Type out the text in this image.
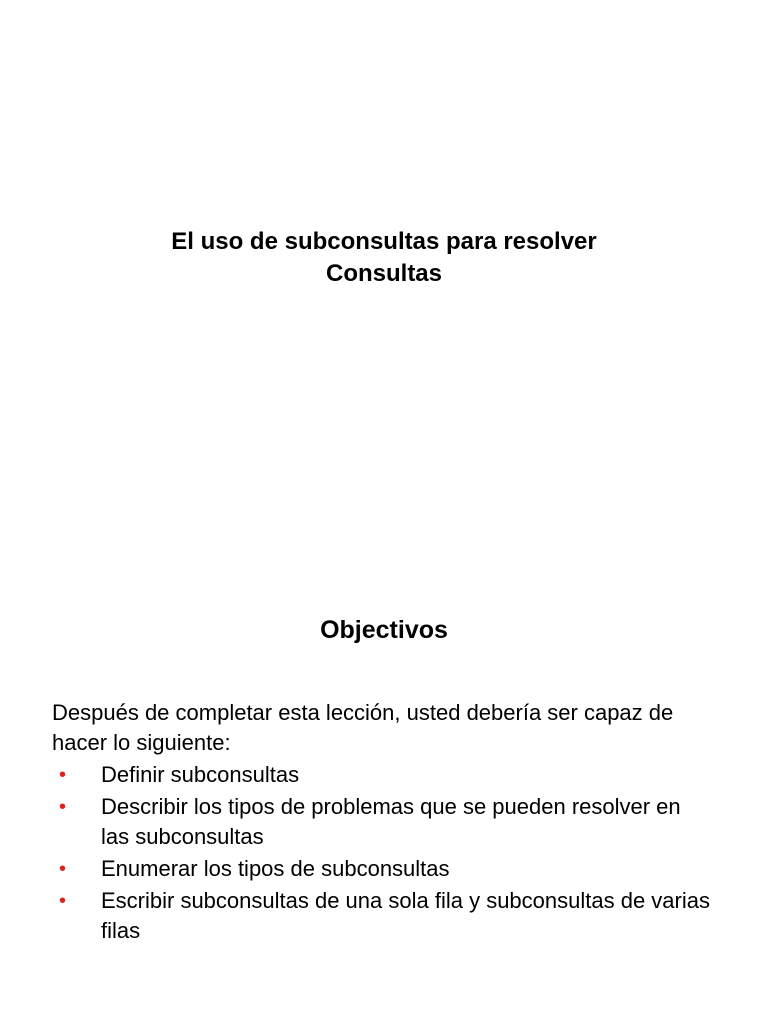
El uso de subconsultas para resolver
Consultas
Objectivos

Después de completar esta lección, usted debería ser capaz de hacer lo siguiente:

• Definir subconsultas
• Describir los tipos de problemas que se pueden resolver en las subconsultas
• Enumerar los tipos de subconsultas
• Escribir subconsultas de una sola fila y subconsultas de varias filas
